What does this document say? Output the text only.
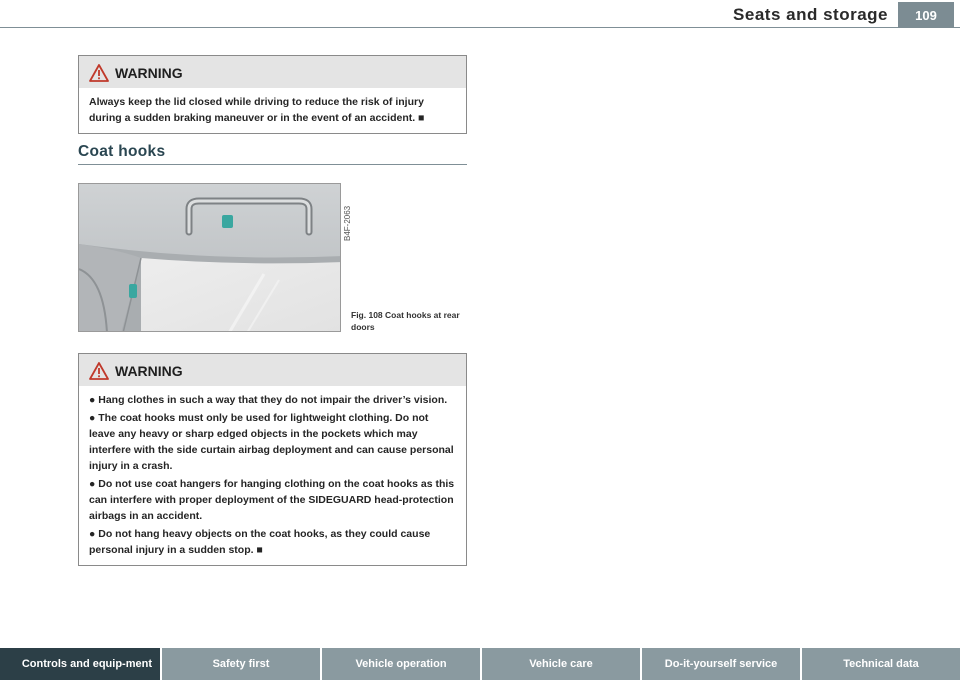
Seats and storage	109
WARNING
Always keep the lid closed while driving to reduce the risk of injury during a sudden braking maneuver or in the event of an accident. ■
Coat hooks
B4F-2063
Fig. 108 Coat hooks at rear doors
WARNING

● Hang clothes in such a way that they do not impair the driver’s vision.

● The coat hooks must only be used for lightweight clothing. Do not leave any heavy or sharp edged objects in the pockets which may interfere with the side curtain airbag deployment and can cause personal injury in a crash.

● Do not use coat hangers for hanging clothing on the coat hooks as this can interfere with proper deployment of the SIDEGUARD head-protection airbags in an accident.

● Do not hang heavy objects on the coat hooks, as they could cause personal injury in a sudden stop. ■

Controls and equip-ment	Safety first	Vehicle operation	Vehicle care	Do-it-yourself service	Technical data
